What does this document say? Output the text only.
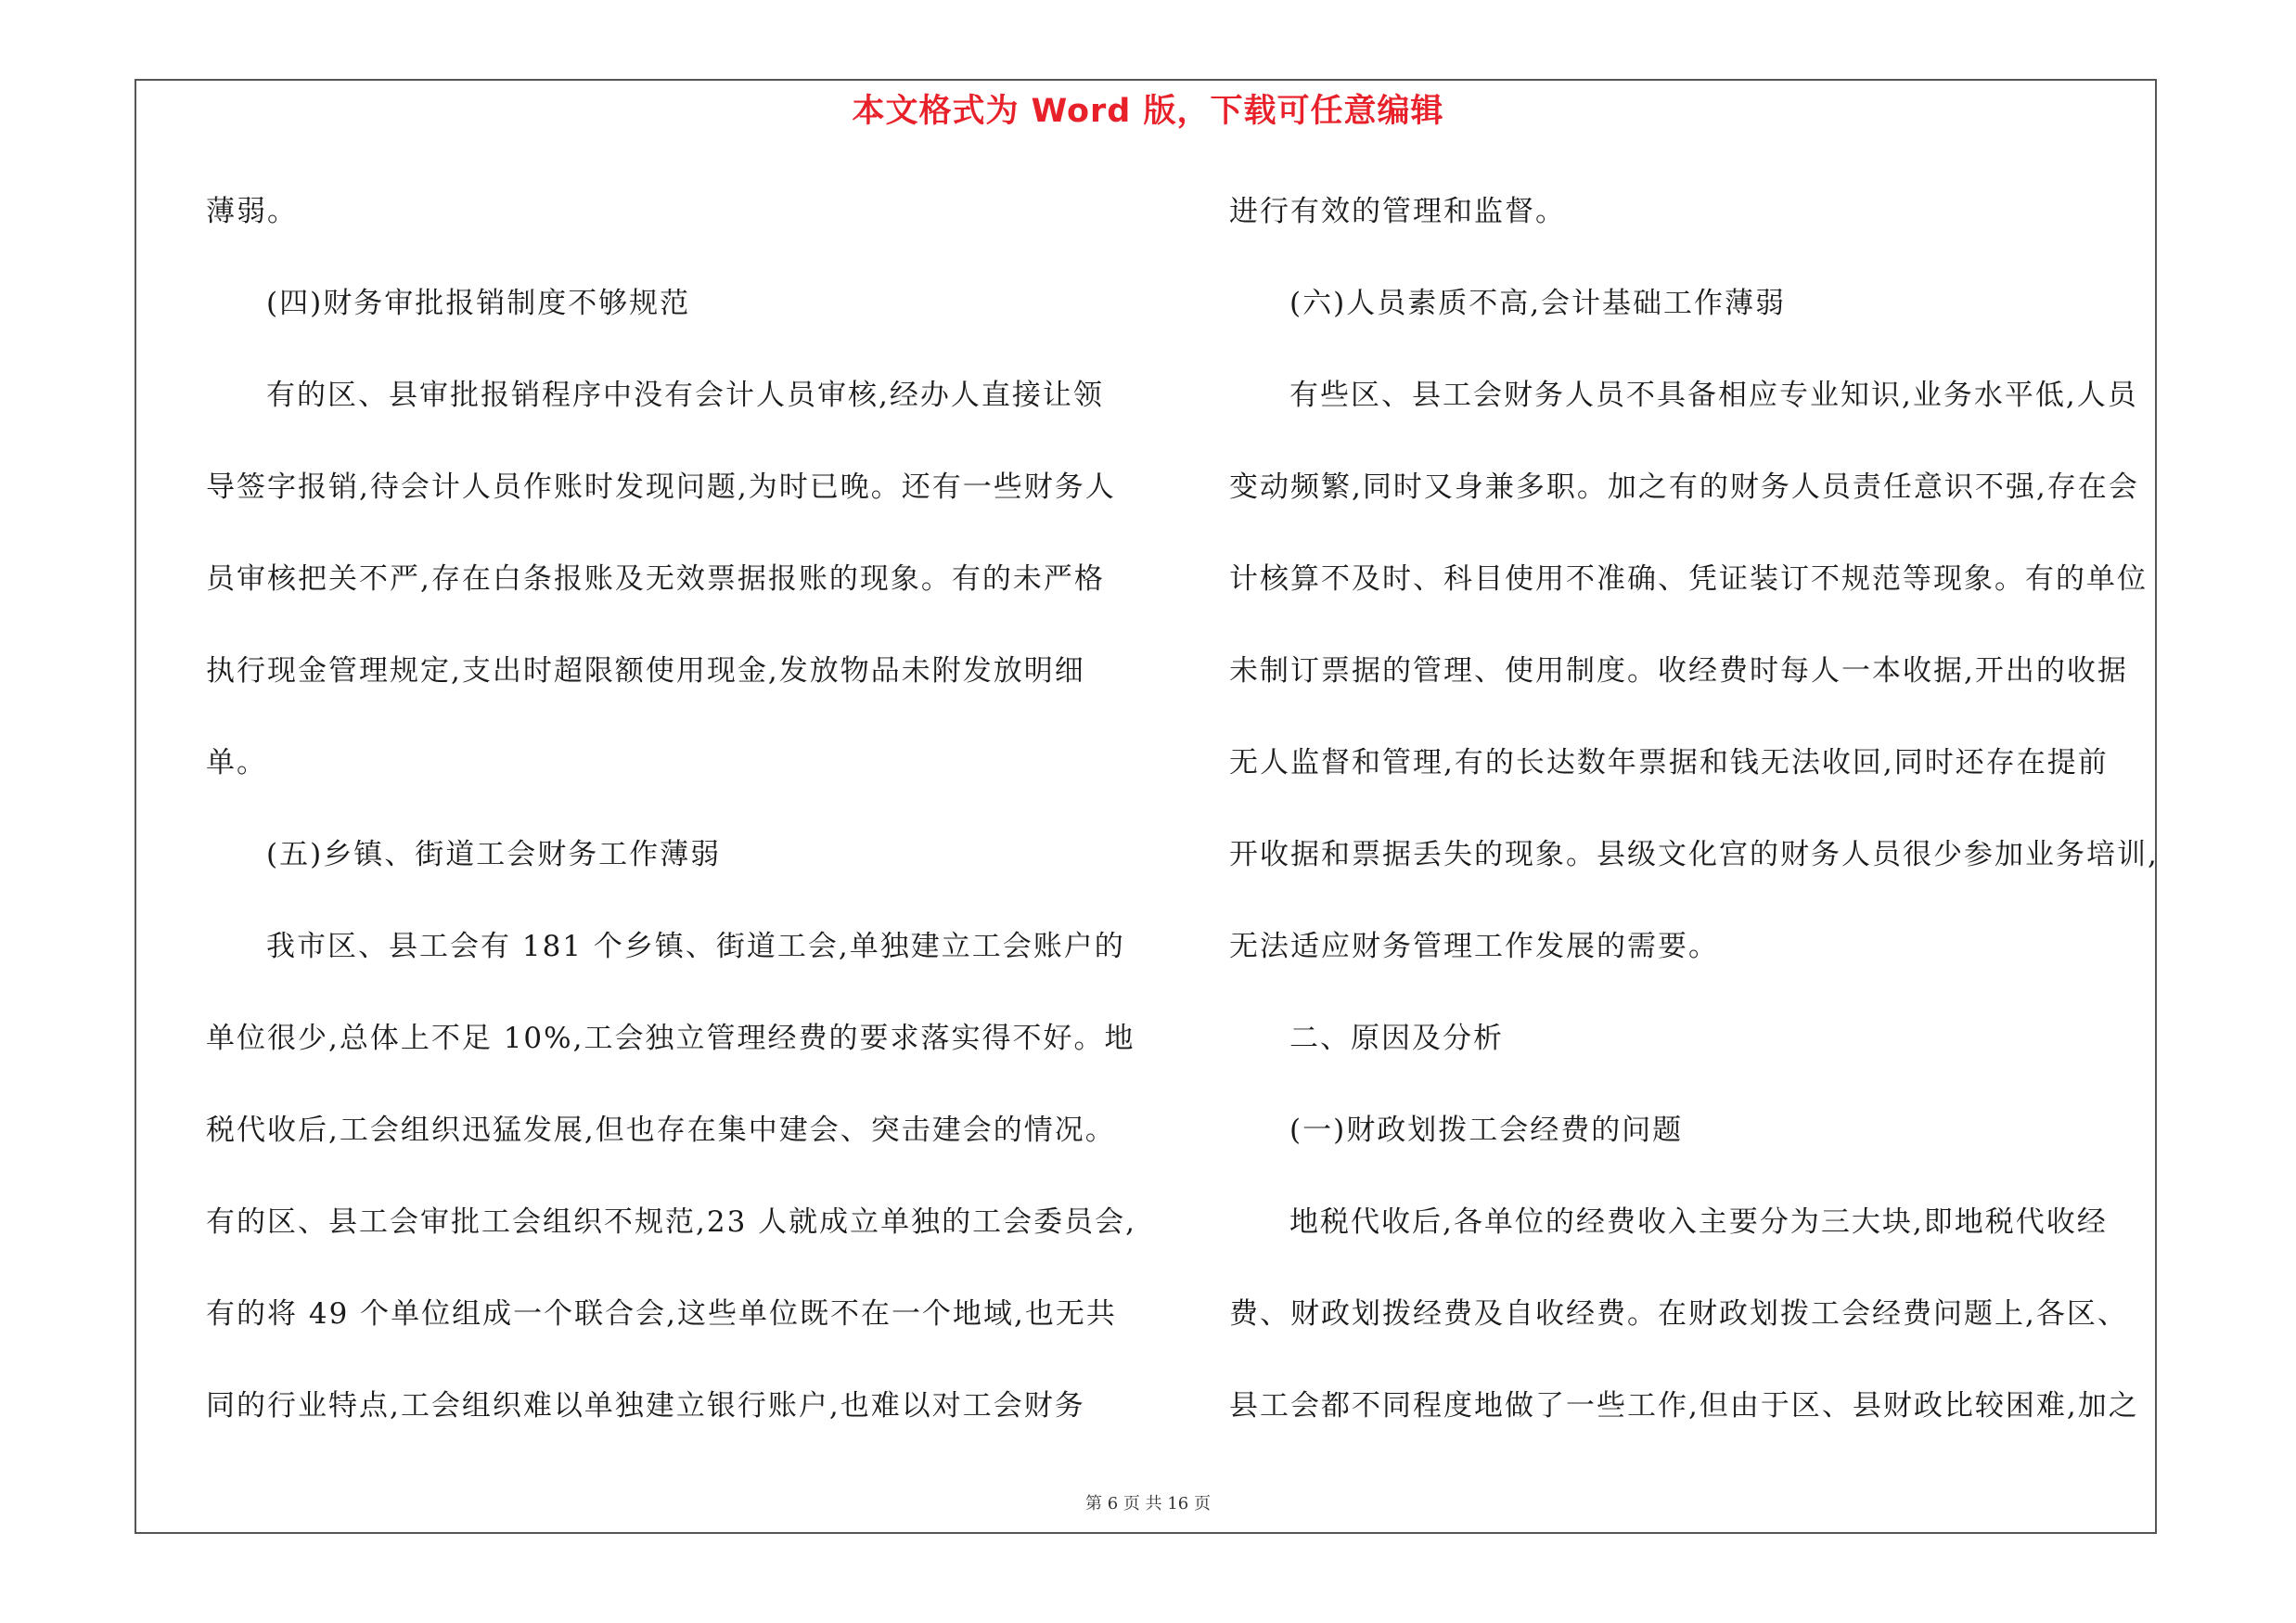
本文格式为 Word 版，下载可任意编辑
薄弱。
(四)财务审批报销制度不够规范
有的区、县审批报销程序中没有会计人员审核,经办人直接让领
导签字报销,待会计人员作账时发现问题,为时已晚。还有一些财务人
员审核把关不严,存在白条报账及无效票据报账的现象。有的未严格
执行现金管理规定,支出时超限额使用现金,发放物品未附发放明细
单。
(五)乡镇、街道工会财务工作薄弱
我市区、县工会有 181 个乡镇、街道工会,单独建立工会账户的
单位很少,总体上不足 10%,工会独立管理经费的要求落实得不好。地
税代收后,工会组织迅猛发展,但也存在集中建会、突击建会的情况。
有的区、县工会审批工会组织不规范,23 人就成立单独的工会委员会,
有的将 49 个单位组成一个联合会,这些单位既不在一个地域,也无共
同的行业特点,工会组织难以单独建立银行账户,也难以对工会财务
进行有效的管理和监督。
(六)人员素质不高,会计基础工作薄弱
有些区、县工会财务人员不具备相应专业知识,业务水平低,人员
变动频繁,同时又身兼多职。加之有的财务人员责任意识不强,存在会
计核算不及时、科目使用不准确、凭证装订不规范等现象。有的单位
未制订票据的管理、使用制度。收经费时每人一本收据,开出的收据
无人监督和管理,有的长达数年票据和钱无法收回,同时还存在提前
开收据和票据丢失的现象。县级文化宫的财务人员很少参加业务培训,
无法适应财务管理工作发展的需要。
二、原因及分析
(一)财政划拨工会经费的问题
地税代收后,各单位的经费收入主要分为三大块,即地税代收经
费、财政划拨经费及自收经费。在财政划拨工会经费问题上,各区、
县工会都不同程度地做了一些工作,但由于区、县财政比较困难,加之
第 6 页 共 16 页
